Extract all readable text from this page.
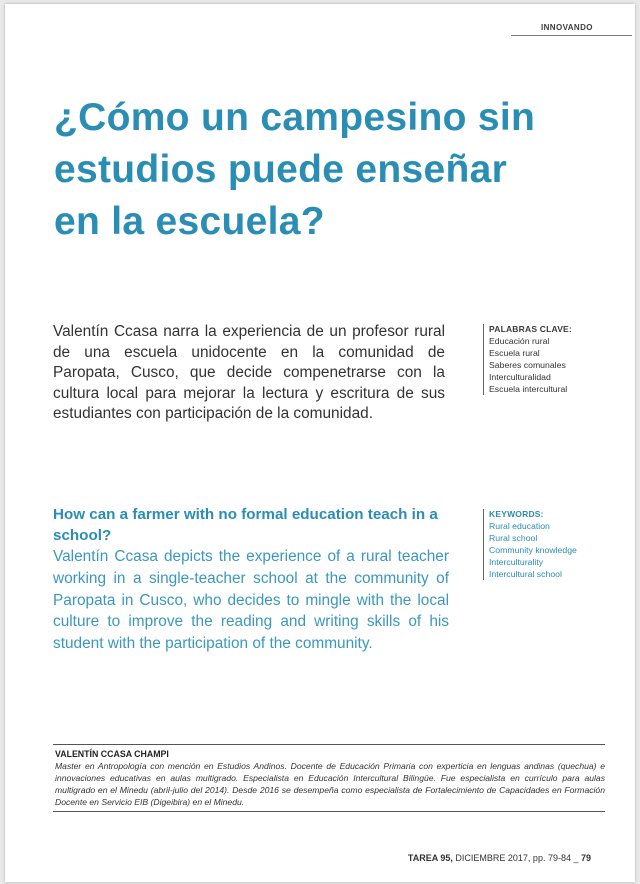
INNOVANDO
¿Cómo un campesino sin
estudios puede enseñar
en la escuela?
Valentín Ccasa narra la experiencia de un profesor rural de una escuela unidocente en la comunidad de Paropata, Cusco, que decide compenetrarse con la cultura local para mejorar la lectura y escritura de sus estudiantes con participación de la comunidad.
PALABRAS CLAVE:
Educación rural
Escuela rural
Saberes comunales
Interculturalidad
Escuela intercultural
How can a farmer with no formal education teach in a school?
Valentín Ccasa depicts the experience of a rural teacher working in a single-teacher school at the community of Paropata in Cusco, who decides to mingle with the local culture to improve the reading and writing skills of his student with the participation of the community.
KEYWORDS:
Rural education
Rural school
Community knowledge
Interculturality
Intercultural school
VALENTÍN CCASA CHAMPI
Master en Antropología con mención en Estudios Andinos. Docente de Educación Primaria con experticia en lenguas andinas (quechua) e innovaciones educativas en aulas multigrado. Especialista en Educación Intercultural Bilingüe. Fue especialista en currículo para aulas multigrado en el Minedu (abril-julio del 2014). Desde 2016 se desempeña como especialista de Fortalecimiento de Capacidades en Formación Docente en Servicio EIB (Digeibira) en el Minedu.
TAREA 95, DICIEMBRE 2017, pp. 79-84 _ 79
